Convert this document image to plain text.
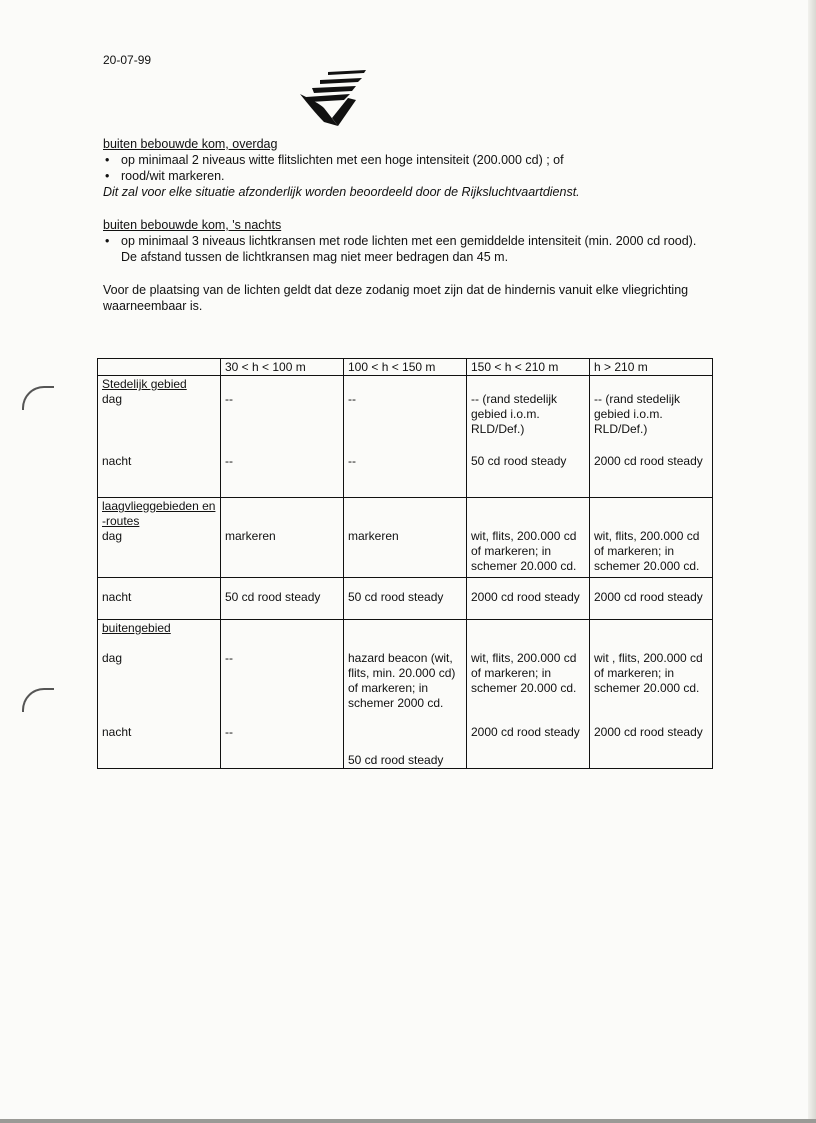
20-07-99
buiten bebouwde kom, overdag
• op minimaal 2 niveaus witte flitslichten met een hoge intensiteit (200.000 cd) ; of
• rood/wit markeren.
Dit zal voor elke situatie afzonderlijk worden beoordeeld door de Rijksluchtvaartdienst.
buiten bebouwde kom, 's nachts
• op minimaal 3 niveaus lichtkransen met rode lichten met een gemiddelde intensiteit (min. 2000 cd rood). De afstand tussen de lichtkransen mag niet meer bedragen dan 45 m.
Voor de plaatsing van de lichten geldt dat deze zodanig moet zijn dat de hindernis vanuit elke vliegrichting waarneembaar is.
	30 < h < 100 m	100 < h < 150 m	150 < h < 210 m	h > 210 m

Stedelijk gebied
dag	--	--	-- (rand stedelijk gebied i.o.m. RLD/Def.)	-- (rand stedelijk gebied i.o.m. RLD/Def.)
nacht	--	--	50 cd rood steady	2000 cd rood steady

laagvlieggebieden en -routes
dag	markeren	markeren	wit, flits, 200.000 cd of markeren; in schemer 20.000 cd.	wit, flits, 200.000 cd of markeren; in schemer 20.000 cd.
nacht	50 cd rood steady	50 cd rood steady	2000 cd rood steady	2000 cd rood steady

buitengebied
dag	--	hazard beacon (wit, flits, min. 20.000 cd) of markeren; in schemer 2000 cd.	wit, flits, 200.000 cd of markeren; in schemer 20.000 cd.	wit , flits, 200.000 cd of markeren; in schemer 20.000 cd.
nacht	--	50 cd rood steady	2000 cd rood steady	2000 cd rood steady
